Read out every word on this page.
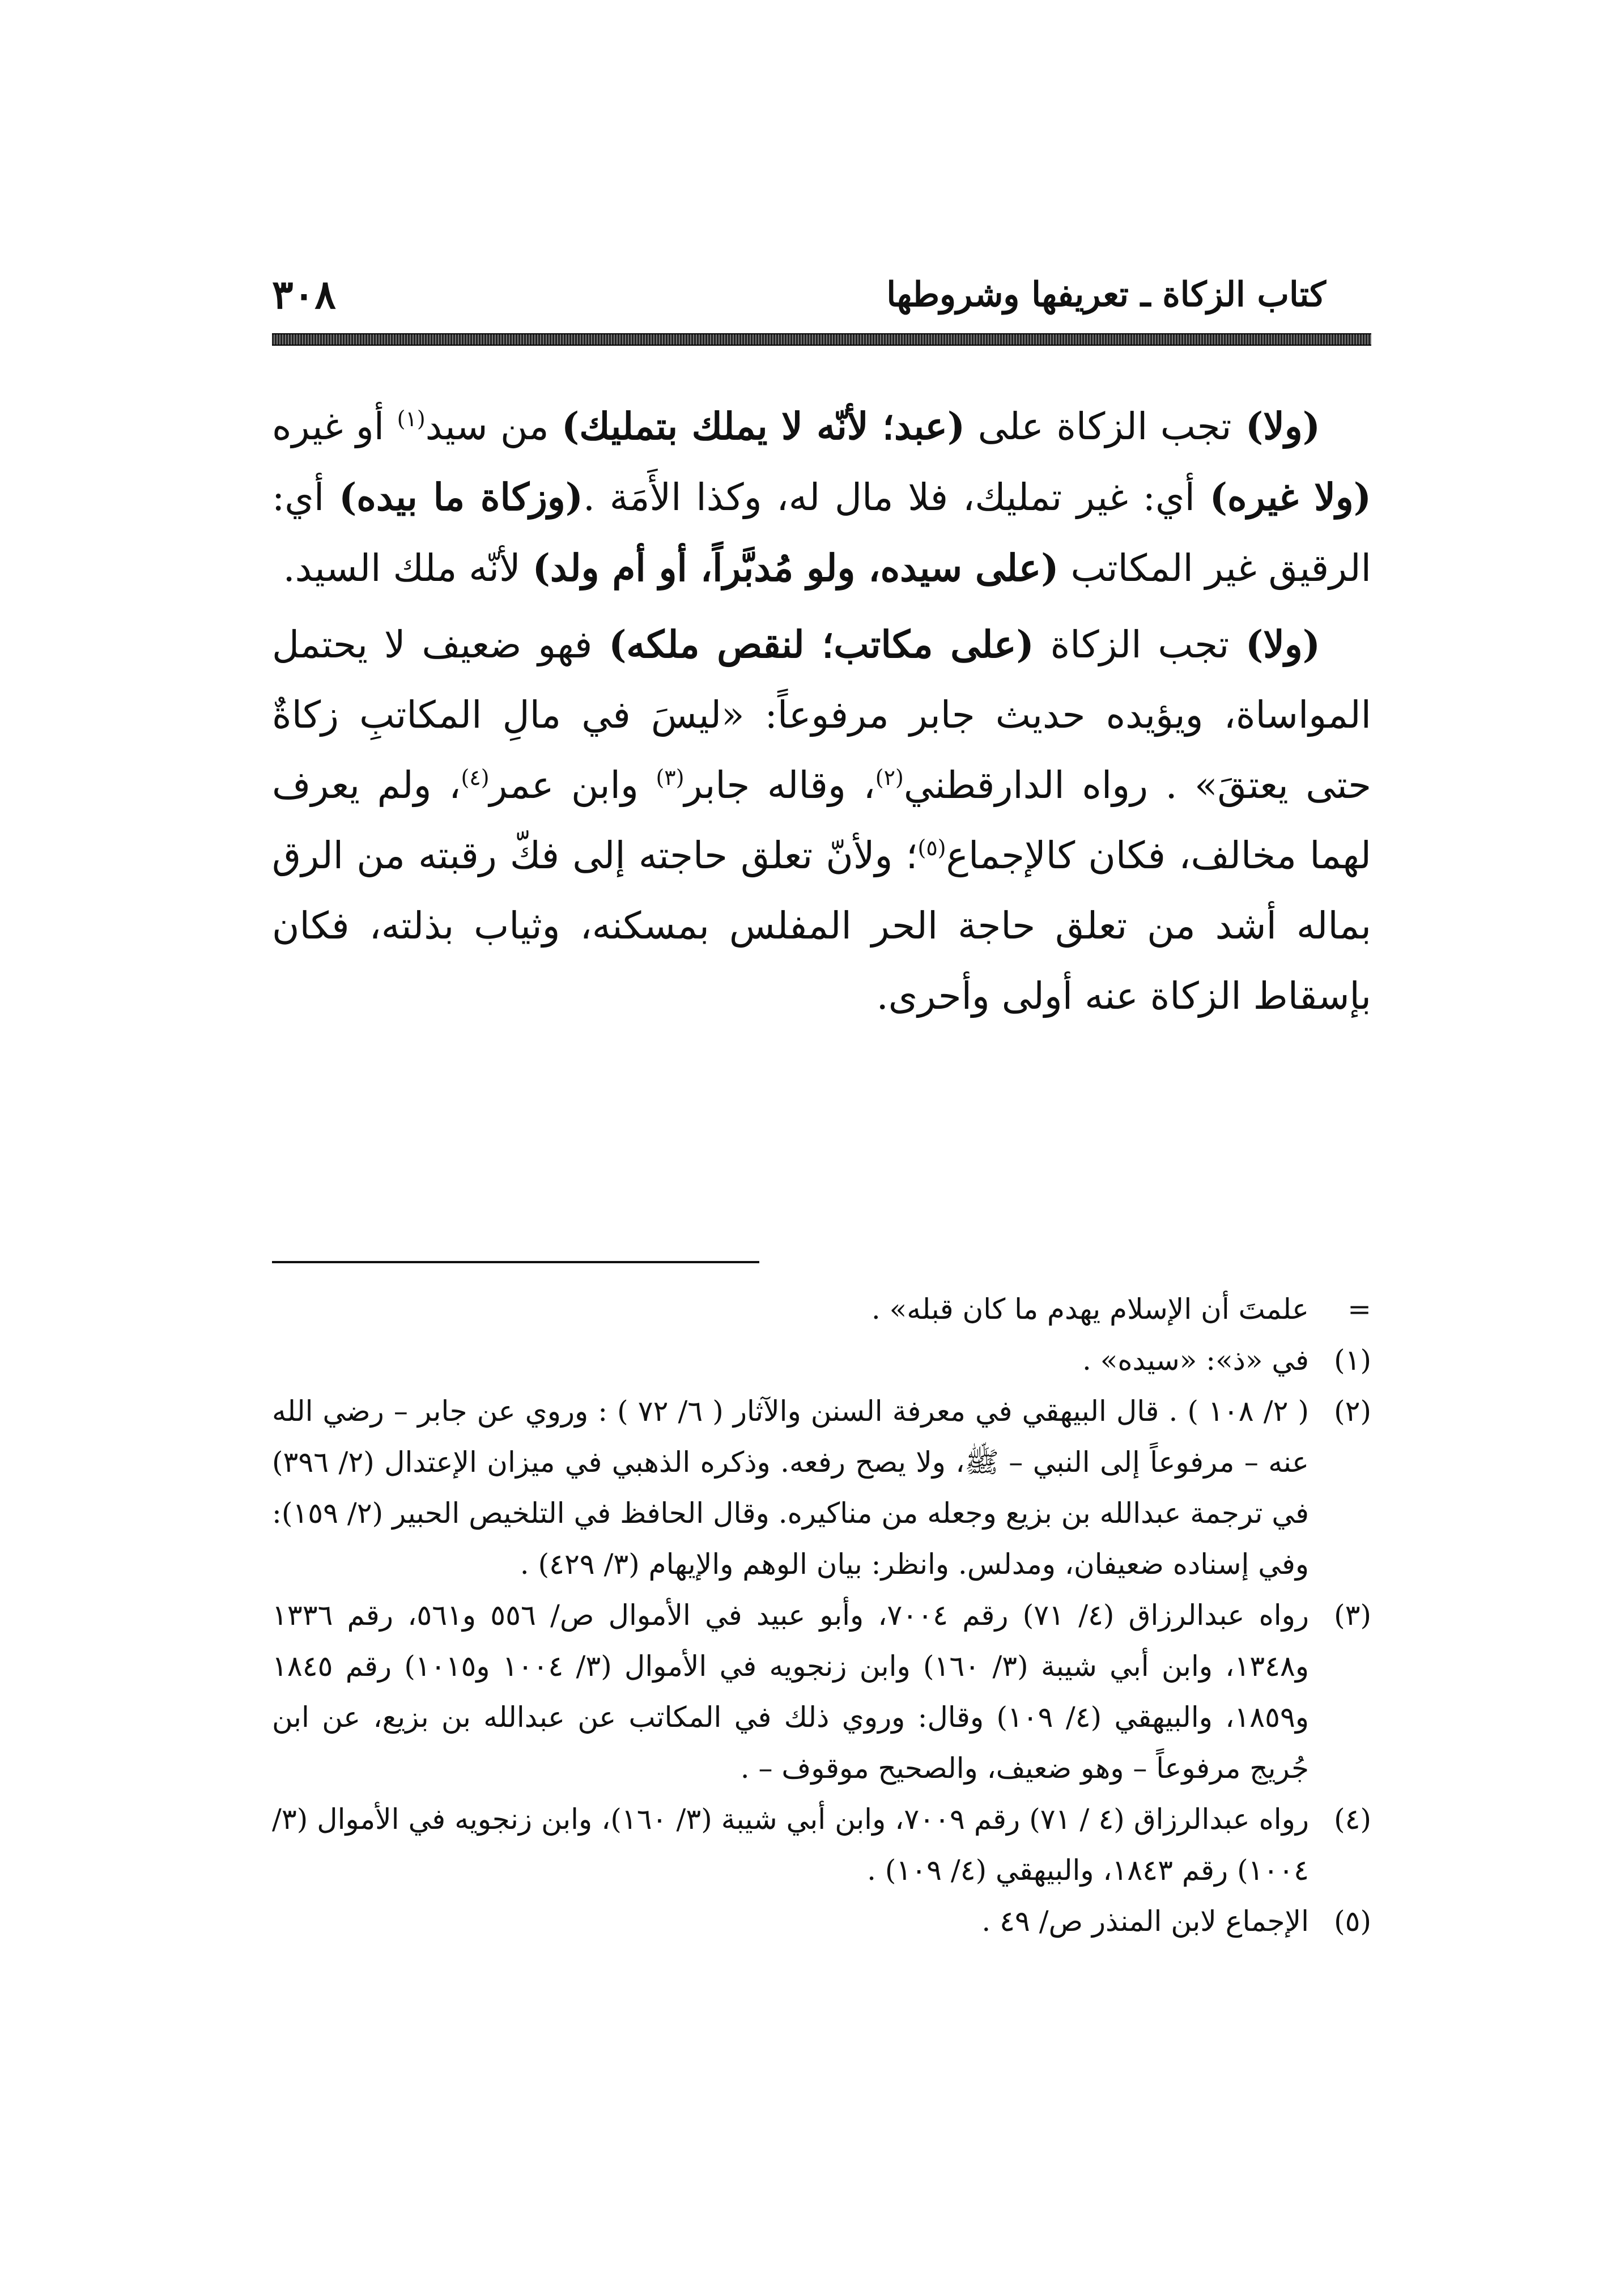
٣٠٨	كتاب الزكاة ـ تعريفها وشروطها

(ولا) تجب الزكاة على (عبد؛ لأنّه لا يملك بتمليك) من سيد$^{(١)}$ أو غيره (ولا غيره) أي: غير تمليك، فلا مال له، وكذا الأَمَة .(وزكاة ما بيده) أي: الرقيق غير المكاتب (على سيده، ولو مُدبَّراً، أو أم ولد) لأنّه ملك السيد.

(ولا) تجب الزكاة (على مكاتب؛ لنقص ملكه) فهو ضعيف لا يحتمل المواساة، ويؤيده حديث جابر مرفوعاً: «ليسَ في مالِ المكاتبِ زكاةٌ حتى يعتقَ» . رواه الدارقطني$^{(٢)}$، وقاله جابر$^{(٣)}$ وابن عمر$^{(٤)}$، ولم يعرف لهما مخالف، فكان كالإجماع$^{(٥)}$؛ ولأنّ تعلق حاجته إلى فكّ رقبته من الرق بماله أشد من تعلق حاجة الحر المفلس بمسكنه، وثياب بذلته، فكان بإسقاط الزكاة عنه أولى وأحرى.

=
علمتَ أن الإسلام يهدم ما كان قبله» .
(١)
في «ذ»: «سيده» .
(٢)
( ٢/ ١٠٨ ) . قال البيهقي في معرفة السنن والآثار ( ٦/ ٧٢ ) : وروي عن جابر – رضي الله عنه – مرفوعاً إلى النبي – ﷺ، ولا يصح رفعه. وذكره الذهبي في ميزان الإعتدال (٢/ ٣٩٦) في ترجمة عبدالله بن بزيع وجعله من مناكيره. وقال الحافظ في التلخيص الحبير (٢/ ١٥٩): وفي إسناده ضعيفان، ومدلس. وانظر: بيان الوهم والإيهام (٣/ ٤٢٩) .
(٣)
رواه عبدالرزاق (٤/ ٧١) رقم ٧٠٠٤، وأبو عبيد في الأموال ص/ ٥٥٦ و٥٦١، رقم ١٣٣٦ و١٣٤٨، وابن أبي شيبة (٣/ ١٦٠) وابن زنجويه في الأموال (٣/ ١٠٠٤ و١٠١٥) رقم ١٨٤٥ و١٨٥٩، والبيهقي (٤/ ١٠٩) وقال: وروي ذلك في المكاتب عن عبدالله بن بزيع، عن ابن جُريج مرفوعاً – وهو ضعيف، والصحيح موقوف – .
(٤)
رواه عبدالرزاق (٤ / ٧١) رقم ٧٠٠٩، وابن أبي شيبة (٣/ ١٦٠)، وابن زنجويه في الأموال (٣/ ١٠٠٤) رقم ١٨٤٣، والبيهقي (٤/ ١٠٩) .
(٥)
الإجماع لابن المنذر ص/ ٤٩ .
